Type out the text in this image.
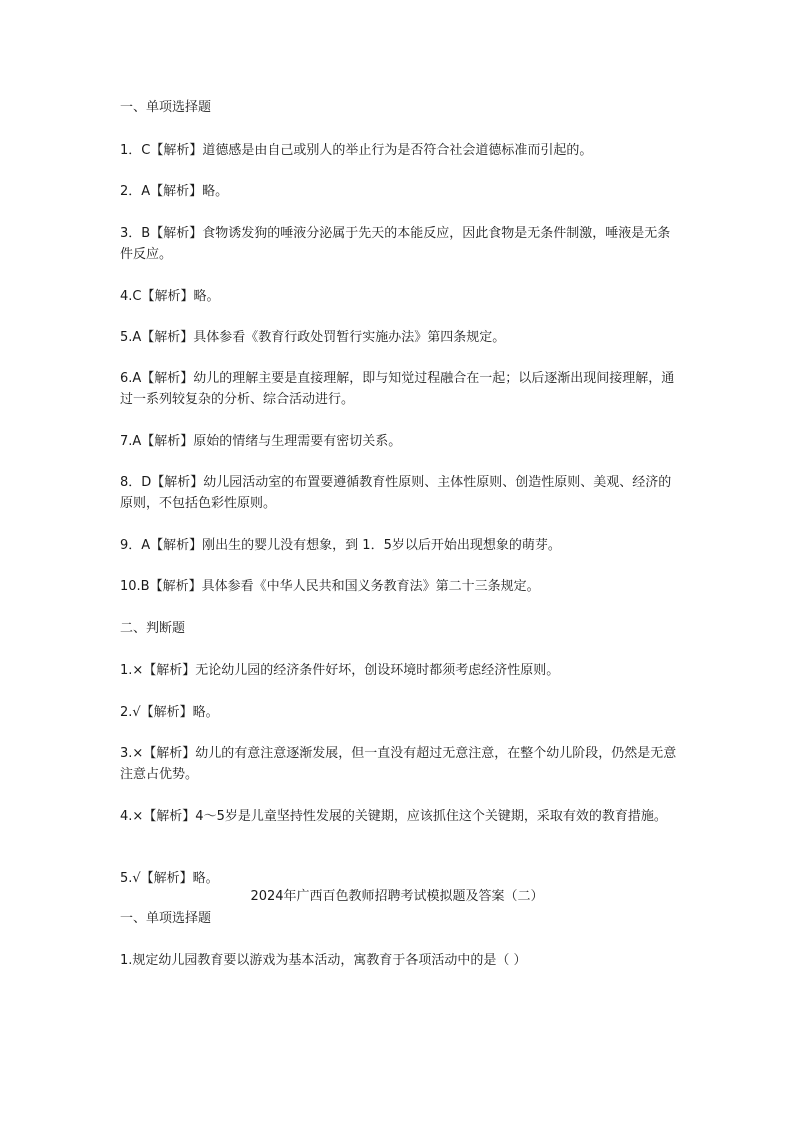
一、单项选择题
1．C【解析】道德感是由自己或别人的举止行为是否符合社会道德标准而引起的。
2．A【解析】略。
3．B【解析】食物诱发狗的唾液分泌属于先天的本能反应，因此食物是无条件制激，唾液是无条件反应。
4.C【解析】略。
5.A【解析】具体参看《教育行政处罚暂行实施办法》第四条规定。
6.A【解析】幼儿的理解主要是直接理解，即与知觉过程融合在一起；以后逐渐出现间接理解，通过一系列较复杂的分析、综合活动进行。
7.A【解析】原始的情绪与生理需要有密切关系。
8．D【解析】幼儿园活动室的布置要遵循教育性原则、主体性原则、创造性原则、美观、经济的原则，不包括色彩性原则。
9．A【解析】刚出生的婴儿没有想象，到 1．5岁以后开始出现想象的萌芽。
10.B【解析】具体参看《中华人民共和国义务教育法》第二十三条规定。
二、判断题
1.×【解析】无论幼儿园的经济条件好坏，创设环境时都须考虑经济性原则。
2.√【解析】略。
3.×【解析】幼儿的有意注意逐渐发展，但一直没有超过无意注意，在整个幼儿阶段，仍然是无意注意占优势。
4.×【解析】4～5岁是儿童坚持性发展的关键期，应该抓住这个关键期，采取有效的教育措施。
5.√【解析】略。
2024年广西百色教师招聘考试模拟题及答案（二）
一、单项选择题
1.规定幼儿园教育要以游戏为基本活动，寓教育于各项活动中的是（ ）
